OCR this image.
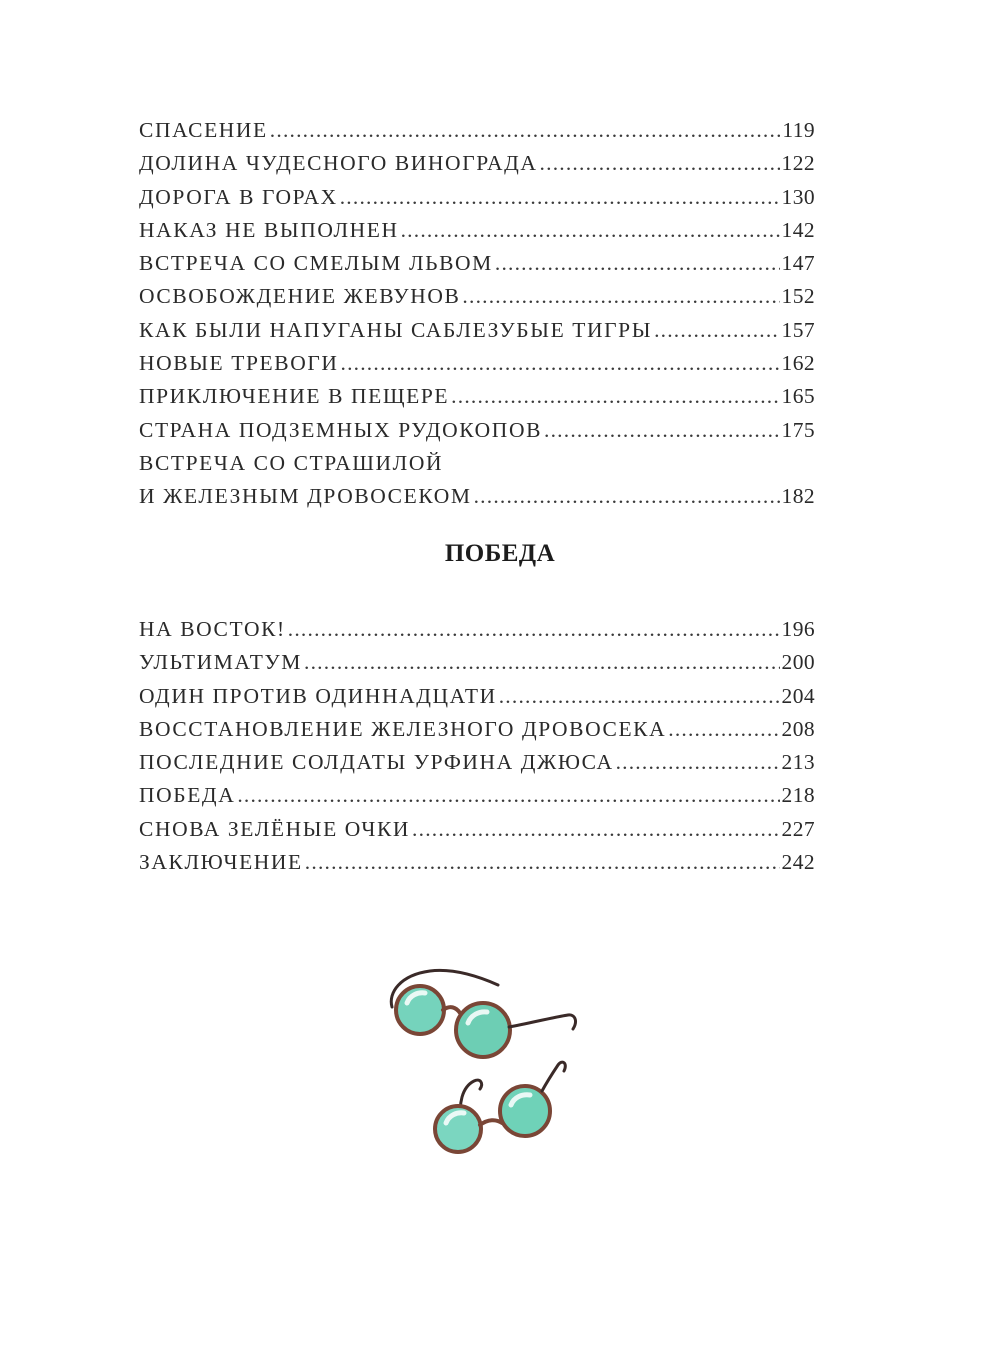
СПАСЕНИЕ .....	119
ДОЛИНА ЧУДЕСНОГО ВИНОГРАДА .....	122
ДОРОГА В ГОРАХ .....	130
НАКАЗ НЕ ВЫПОЛНЕН .....	142
ВСТРЕЧА СО СМЕЛЫМ ЛЬВОМ .....	147
ОСВОБОЖДЕНИЕ ЖЕВУНОВ .....	152
КАК БЫЛИ НАПУГАНЫ САБЛЕЗУБЫЕ ТИГРЫ .....	157
НОВЫЕ ТРЕВОГИ .....	162
ПРИКЛЮЧЕНИЕ В ПЕЩЕРЕ .....	165
СТРАНА ПОДЗЕМНЫХ РУДОКОПОВ .....	175
ВСТРЕЧА СО СТРАШИЛОЙ
И ЖЕЛЕЗНЫМ ДРОВОСЕКОМ .....	182
ПОБЕДА
НА ВОСТОК! .....	196
УЛЬТИМАТУМ .....	200
ОДИН ПРОТИВ ОДИННАДЦАТИ .....	204
ВОССТАНОВЛЕНИЕ ЖЕЛЕЗНОГО ДРОВОСЕКА .....	208
ПОСЛЕДНИЕ СОЛДАТЫ УРФИНА ДЖЮСА .....	213
ПОБЕДА .....	218
СНОВА ЗЕЛЁНЫЕ ОЧКИ .....	227
ЗАКЛЮЧЕНИЕ .....	242
